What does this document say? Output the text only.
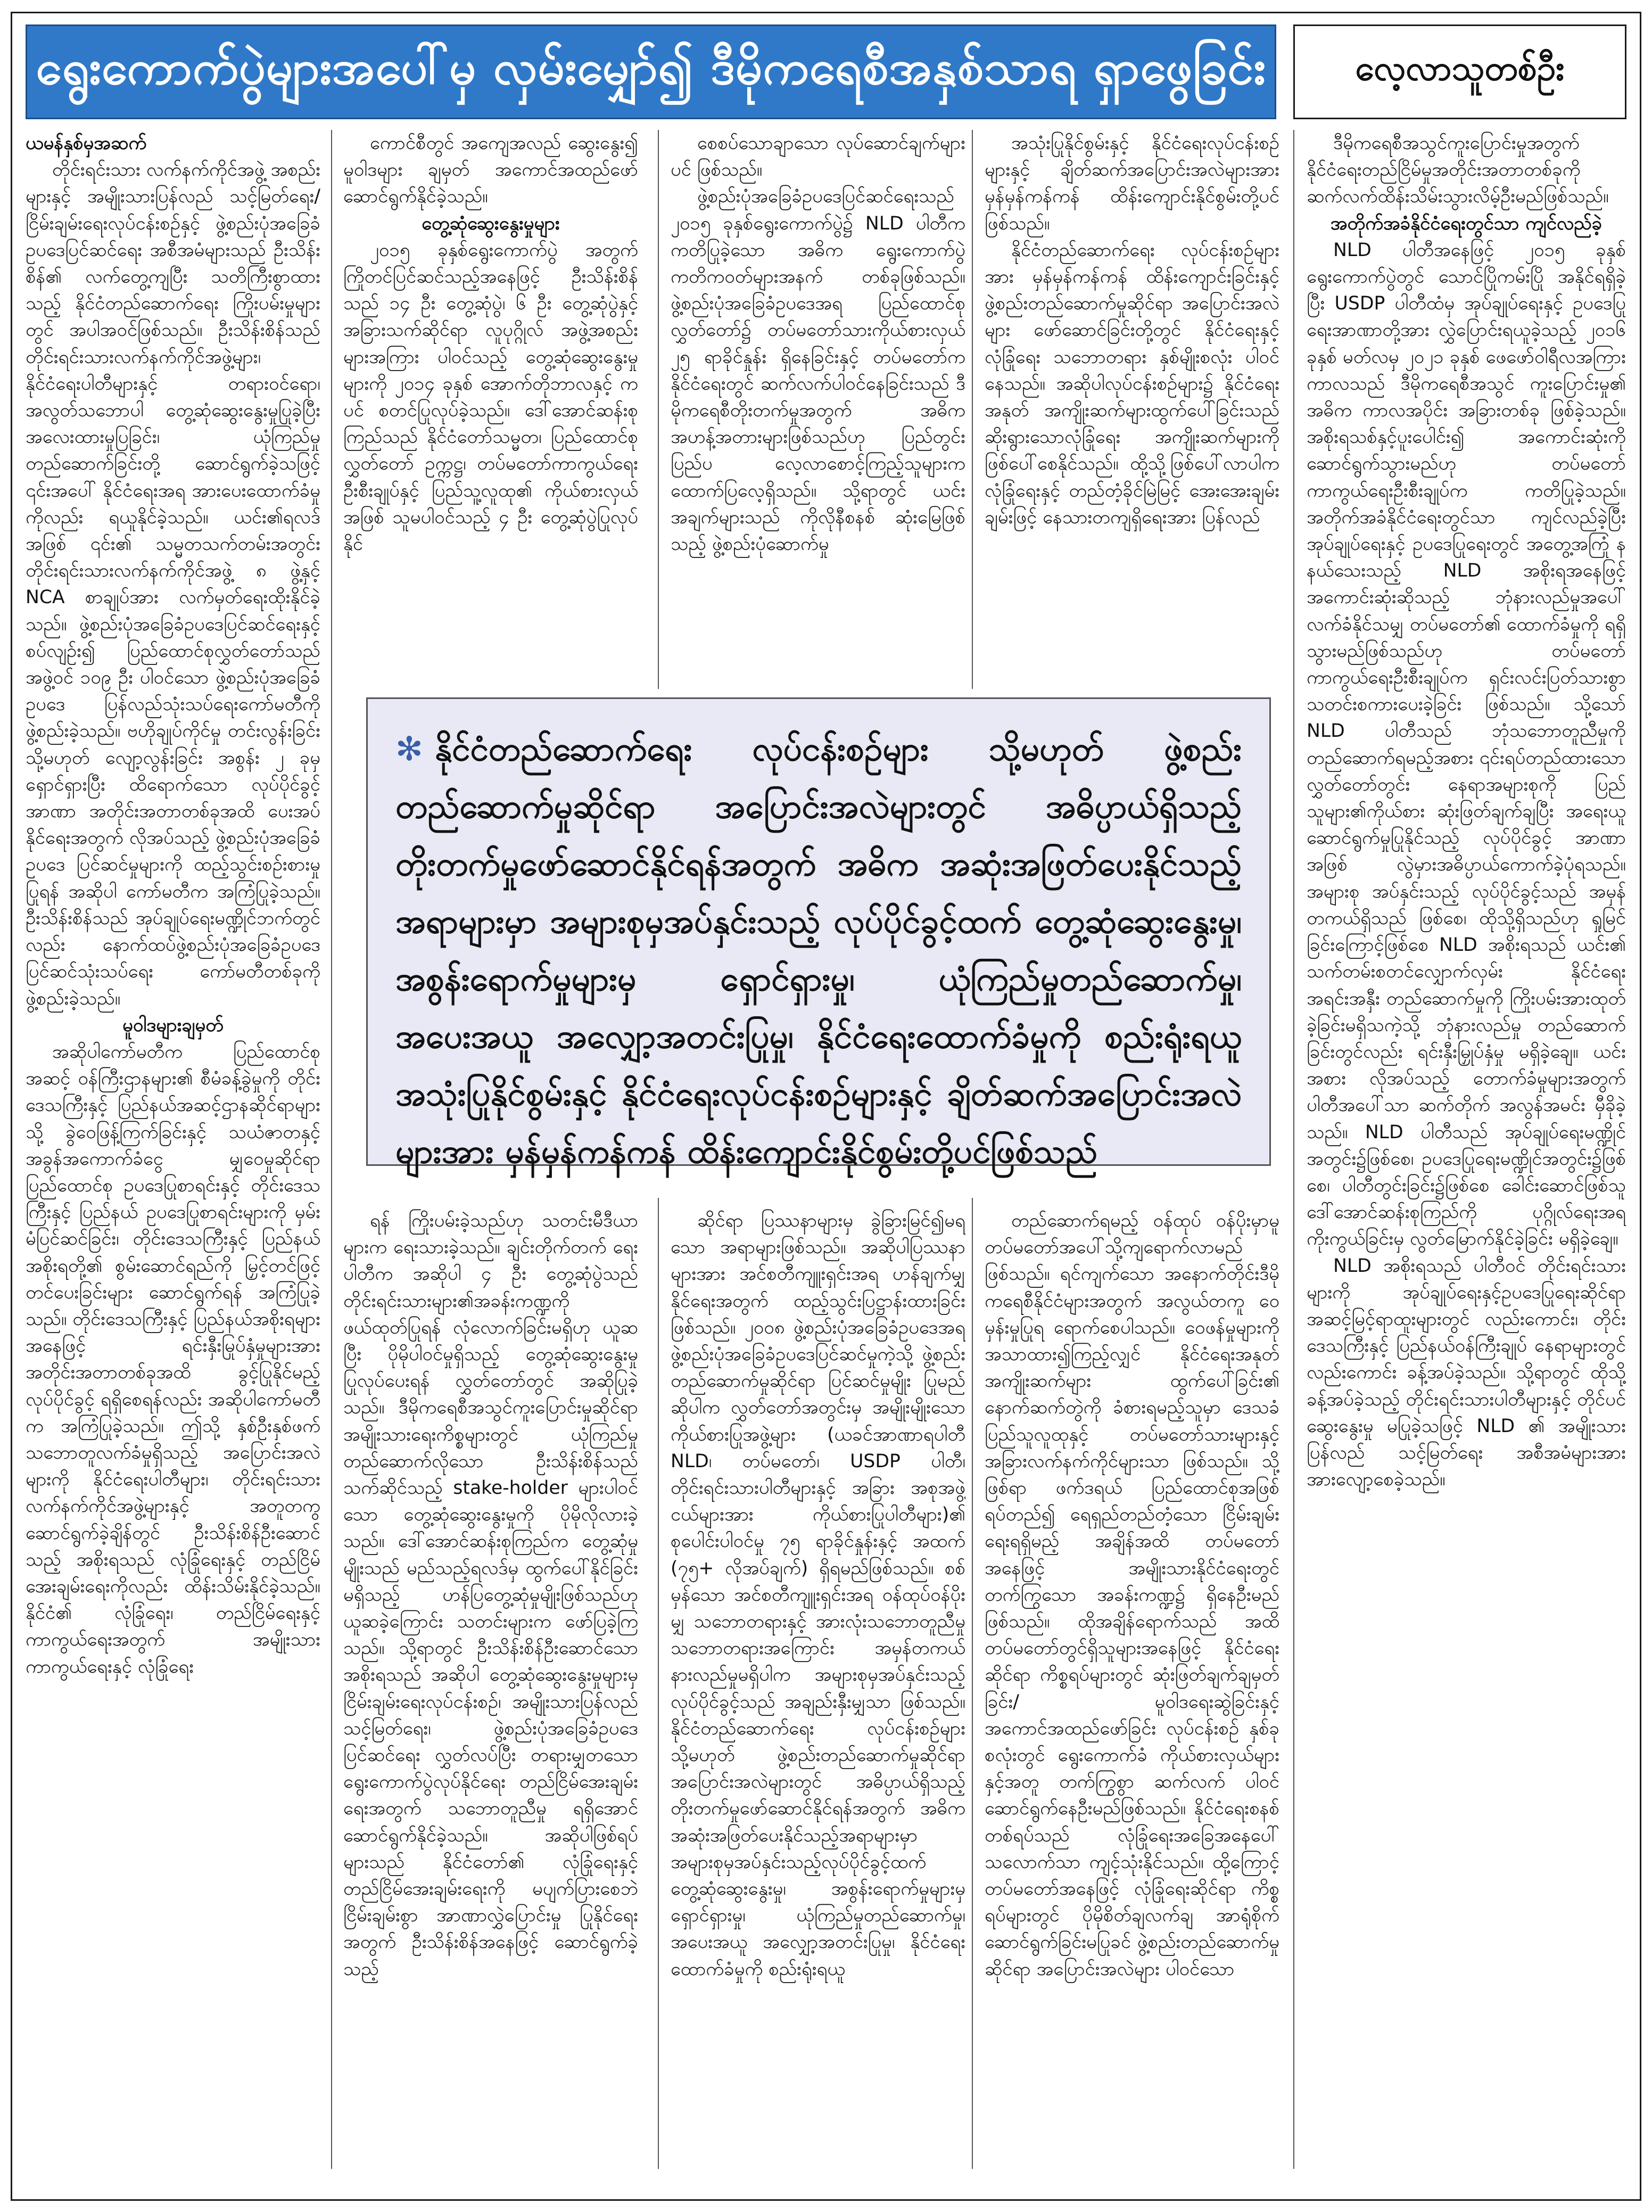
ရွေးကောက်ပွဲများအပေါ်မှ လှမ်းမျှော်၍ ဒီမိုကရေစီအနှစ်သာရ ရှာဖွေခြင်း	လေ့လာသူတစ်ဦး

ယမန်နှစ်မှအဆက်

တိုင်းရင်းသား လက်နက်ကိုင်အဖွဲ့ အစည်းများနှင့် အမျိုးသားပြန်လည် သင့်မြတ်ရေး/ ငြိမ်းချမ်းရေးလုပ်ငန်းစဉ်နှင့် ဖွဲ့စည်းပုံအခြေခံဥပဒေပြင်ဆင်ရေး အစီအမံများသည် ဦးသိန်းစိန်၏ လက်တွေ့ကျပြီး သတိကြီးစွာထားသည့် နိုင်ငံတည်ဆောက်ရေး ကြိုးပမ်းမှုများတွင် အပါအဝင်ဖြစ်သည်။ ဦးသိန်းစိန်သည် တိုင်းရင်းသားလက်နက်ကိုင်အဖွဲ့များ၊ နိုင်ငံရေးပါတီများနှင့် တရားဝင်ရော၊ အလွတ်သဘောပါ တွေ့ဆုံဆွေးနွေးမှုပြုခဲ့ပြီး အလေးထားမှုပြခြင်း၊ ယုံကြည်မှုတည်ဆောက်ခြင်းတို့ ဆောင်ရွက်ခဲ့သဖြင့် ၎င်းအပေါ် နိုင်ငံရေးအရ အားပေးထောက်ခံမှုကိုလည်း ရယူနိုင်ခဲ့သည်။ ယင်း၏ရလဒ်အဖြစ် ၎င်း၏ သမ္မတသက်တမ်းအတွင်း တိုင်းရင်းသားလက်နက်ကိုင်အဖွဲ့ ၈ ဖွဲ့နှင့် NCA စာချုပ်အား လက်မှတ်ရေးထိုးနိုင်ခဲ့သည်။ ဖွဲ့စည်းပုံအခြေခံဥပဒေပြင်ဆင်ရေးနှင့်စပ်လျဉ်း၍ ပြည်ထောင်စုလွှတ်တော်သည် အဖွဲ့ဝင် ၁၀၉ ဦး ပါဝင်သော ဖွဲ့စည်းပုံအခြေခံဥပဒေ ပြန်လည်သုံးသပ်ရေးကော်မတီကို ဖွဲ့စည်းခဲ့သည်။ ဗဟိုချုပ်ကိုင်မှု တင်းလွန်းခြင်း သို့မဟုတ် လျော့လွန်းခြင်း အစွန်း ၂ ခုမှ ရှောင်ရှားပြီး ထိရောက်သော လုပ်ပိုင်ခွင့်အာဏာ အတိုင်းအတာတစ်ခုအထိ ပေးအပ်နိုင်ရေးအတွက် လိုအပ်သည့် ဖွဲ့စည်းပုံအခြေခံဥပဒေ ပြင်ဆင်မှုများကို ထည့်သွင်းစဉ်းစားမှုပြုရန် အဆိုပါ ကော်မတီက အကြံပြုခဲ့သည်။ ဦးသိန်းစိန်သည် အုပ်ချုပ်ရေးမဏ္ဍိုင်ဘက်တွင်လည်း နောက်ထပ်ဖွဲ့စည်းပုံအခြေခံဥပဒေ ပြင်ဆင်သုံးသပ်ရေး ကော်မတီတစ်ခုကို ဖွဲ့စည်းခဲ့သည်။

မူဝါဒများချမှတ်

အဆိုပါကော်မတီက ပြည်ထောင်စု အဆင့် ဝန်ကြီးဌာနများ၏ စီမံခန့်ခွဲမှုကို တိုင်းဒေသကြီးနှင့် ပြည်နယ်အဆင့်ဌာနဆိုင်ရာများသို့ ခွဲဝေဖြန့်ကြက်ခြင်းနှင့် သယံဇာတနှင့် အခွန်အကောက်ခံငွေ မျှဝေမှုဆိုင်ရာ ပြည်ထောင်စု ဥပဒေပြုစာရင်းနှင့် တိုင်းဒေသကြီးနှင့် ပြည်နယ် ဥပဒေပြုစာရင်းများကို မှမ်းမံပြင်ဆင်ခြင်း၊ တိုင်းဒေသကြီးနှင့် ပြည်နယ်အစိုးရတို့၏ စွမ်းဆောင်ရည်ကို မြှင့်တင်ဖြင့်တင်ပေးခြင်းများ ဆောင်ရွက်ရန် အကြံပြုခဲ့သည်။ တိုင်းဒေသကြီးနှင့် ပြည်နယ်အစိုးရများအနေဖြင့် ရင်းနှီးမြုပ်နှံမှုများအား အတိုင်းအတာတစ်ခုအထိ ခွင့်ပြုနိုင်မည့် လုပ်ပိုင်ခွင့် ရရှိစေရန်လည်း အဆိုပါကော်မတီက အကြံပြုခဲ့သည်။ ဤသို့ နှစ်ဦးနှစ်ဖက်သဘောတူလက်ခံမှုရှိသည့် အပြောင်းအလဲများကို နိုင်ငံရေးပါတီများ၊ တိုင်းရင်းသား လက်နက်ကိုင်အဖွဲ့များနှင့် အတူတကွ ဆောင်ရွက်ခဲ့ချိန်တွင် ဦးသိန်းစိန်ဦးဆောင်သည့် အစိုးရသည် လုံခြုံရေးနှင့် တည်ငြိမ်အေးချမ်းရေးကိုလည်း ထိန်းသိမ်းနိုင်ခဲ့သည်။ နိုင်ငံ၏ လုံခြုံရေး၊ တည်ငြိမ်ရေးနှင့် ကာကွယ်ရေးအတွက် အမျိုးသားကာကွယ်ရေးနှင့် လုံခြုံရေး

ကောင်စီတွင် အကျေအလည် ဆွေးနွေး၍ မူဝါဒများ ချမှတ် အကောင်အထည်ဖော် ဆောင်ရွက်နိုင်ခဲ့သည်။

တွေ့ဆုံဆွေးနွေးမှုများ

၂၀၁၅ ခုနှစ်ရွေးကောက်ပွဲ အတွက်ကြိုတင်ပြင်ဆင်သည့်အနေဖြင့် ဦးသိန်းစိန်သည် ၁၄ ဦး တွေ့ဆုံပွဲ၊ ၆ ဦး တွေ့ဆုံပွဲနှင့် အခြားသက်ဆိုင်ရာ လူပုဂ္ဂိုလ် အဖွဲ့အစည်းများအကြား ပါဝင်သည့် တွေ့ဆုံဆွေးနွေးမှုများကို ၂၀၁၄ ခုနှစ် အောက်တိုဘာလနှင့် ကပင် စတင်ပြုလုပ်ခဲ့သည်။ ဒေါ်အောင်ဆန်းစုကြည်သည် နိုင်ငံတော်သမ္မတ၊ ပြည်ထောင်စုလွှတ်တော် ဥက္ကဋ္ဌ၊ တပ်မတော်ကာကွယ်ရေး ဦးစီးချုပ်နှင့် ပြည်သူ့လူထု၏ ကိုယ်စားလှယ်အဖြစ် သူမပါဝင်သည့် ၄ ဦး တွေ့ဆုံပွဲပြုလုပ်နိုင်

စေစပ်သောချာသော လုပ်ဆောင်ချက်များပင် ဖြစ်သည်။

ဖွဲ့စည်းပုံအခြေခံဥပဒေပြင်ဆင်ရေးသည် ၂၀၁၅ ခုနှစ်ရွေးကောက်ပွဲ၌ NLD ပါတီက ကတိပြုခဲ့သော အဓိက ရွေးကောက်ပွဲ ကတိကဝတ်များအနက် တစ်ခုဖြစ်သည်။ ဖွဲ့စည်းပုံအခြေခံဥပဒေအရ ပြည်ထောင်စုလွှတ်တော်၌ တပ်မတော်သားကိုယ်စားလှယ် ၂၅ ရာခိုင်နှုန်း ရှိနေခြင်းနှင့် တပ်မတော်က နိုင်ငံရေးတွင် ဆက်လက်ပါဝင်နေခြင်းသည် ဒီမိုကရေစီတိုးတက်မှုအတွက် အဓိက အဟန့်အတားများဖြစ်သည်ဟု ပြည်တွင်းပြည်ပ လေ့လာစောင့်ကြည့်သူများက ထောက်ပြလေ့ရှိသည်။ သို့ရာတွင် ယင်းအချက်များသည် ကိုလိုနီစနစ် ဆုံးမြေဖြစ်သည့် ဖွဲ့စည်းပုံဆောက်မှု

အသုံးပြုနိုင်စွမ်းနှင့် နိုင်ငံရေးလုပ်ငန်းစဉ်များနှင့် ချိတ်ဆက်အပြောင်းအလဲများအား မှန်မှန်ကန်ကန် ထိန်းကျောင်းနိုင်စွမ်းတို့ပင် ဖြစ်သည်။

နိုင်ငံတည်ဆောက်ရေး လုပ်ငန်းစဉ်များအား မှန်မှန်ကန်ကန် ထိန်းကျောင်းခြင်းနှင့် ဖွဲ့စည်းတည်ဆောက်မှုဆိုင်ရာ အပြောင်းအလဲများ ဖော်ဆောင်ခြင်းတို့တွင် နိုင်ငံရေးနှင့် လုံခြုံရေး သဘောတရား နှစ်မျိုးစလုံး ပါဝင်နေသည်။ အဆိုပါလုပ်ငန်းစဉ်များ၌ နိုင်ငံရေးအနုတ် အကျိုးဆက်များထွက်ပေါ်ခြင်းသည် ဆိုးရွားသောလုံခြုံရေး အကျိုးဆက်များကို ဖြစ်ပေါ်စေနိုင်သည်။ ထို့သို့ဖြစ်ပေါ်လာပါက လုံခြုံရေးနှင့် တည်တံ့ခိုင်မြဲမြင့် အေးအေးချမ်းချမ်းဖြင့် နေသားတကျရှိရေးအား ပြန်လည်

ဒီမိုကရေစီအသွင်ကူးပြောင်းမှုအတွက် နိုင်ငံရေးတည်ငြိမ်မှုအတိုင်းအတာတစ်ခုကို ဆက်လက်ထိန်းသိမ်းသွားလိမ့်ဦးမည်ဖြစ်သည်။

အတိုက်အခံနိုင်ငံရေးတွင်သာ ကျင်လည်ခဲ့

NLD ပါတီအနေဖြင့် ၂၀၁၅ ခုနှစ် ရွေးကောက်ပွဲတွင် သောင်ပြိုကမ်းပြို အနိုင်ရရှိခဲ့ပြီး USDP ပါတီထံမှ အုပ်ချုပ်ရေးနှင့် ဥပဒေပြုရေးအာဏာတို့အား လွှဲပြောင်းရယူခဲ့သည့် ၂၀၁၆ ခုနှစ် မတ်လမှ ၂၀၂၁ ခုနှစ် ဖေဖော်ဝါရီလအကြားကာလသည် ဒီမိုကရေစီအသွင် ကူးပြောင်းမှု၏ အဓိက ကာလအပိုင်း အခြားတစ်ခု ဖြစ်ခဲ့သည်။ အစိုးရသစ်နှင့်ပူးပေါင်း၍ အကောင်းဆုံးကို ဆောင်ရွက်သွားမည်ဟု တပ်မတော်ကာကွယ်ရေးဦးစီးချုပ်က ကတိပြုခဲ့သည်။ အတိုက်အခံနိုင်ငံရေးတွင်သာ ကျင်လည်ခဲ့ပြီး အုပ်ချုပ်ရေးနှင့် ဥပဒေပြုရေးတွင် အတွေ့အကြုံ နနယ်သေးသည့် NLD အစိုးရအနေဖြင့် အကောင်းဆုံးဆိုသည့် ဘုံနားလည်မှုအပေါ် လက်ခံနိုင်သမျှ တပ်မတော်၏ ထောက်ခံမှုကို ရရှိသွားမည်ဖြစ်သည်ဟု တပ်မတော်ကာကွယ်ရေးဦးစီးချုပ်က ရှင်းလင်းပြတ်သားစွာ သတင်းစကားပေးခဲ့ခြင်း ဖြစ်သည်။ သို့သော် NLD ပါတီသည် ဘုံသဘောတူညီမှုကို တည်ဆောက်ရမည့်အစား ၎င်းရပ်တည်ထားသော လွှတ်တော်တွင်း နေရာအများစုကို ပြည်သူများ၏ကိုယ်စား ဆုံးဖြတ်ချက်ချပြီး အရေးယူဆောင်ရွက်မှုပြုနိုင်သည့် လုပ်ပိုင်ခွင့် အာဏာအဖြစ် လွဲမှားအဓိပ္ပာယ်ကောက်ခဲ့ပုံရသည်။ အများစု အပ်နှင်းသည့် လုပ်ပိုင်ခွင့်သည် အမှန်တကယ်ရှိသည် ဖြစ်စေ၊ ထိုသို့ရှိသည်ဟု ရှုမြင်ခြင်းကြောင့်ဖြစ်စေ NLD အစိုးရသည် ယင်း၏ သက်တမ်းစတင်လျှောက်လှမ်း နိုင်ငံရေးအရင်းအနှီး တည်ဆောက်မှုကို ကြိုးပမ်းအားထုတ်ခဲ့ခြင်းမရှိသကဲ့သို့ ဘုံနားလည်မှု တည်ဆောက်ခြင်းတွင်လည်း ရင်းနှီးမြှုပ်နှံမှု မရှိခဲ့ချေ။ ယင်းအစား လိုအပ်သည့် တောက်ခံမှုများအတွက် ပါတီအပေါ်သာ ဆက်တိုက် အလွန်အမင်း မှီခိုခဲ့သည်။ NLD ပါတီသည် အုပ်ချုပ်ရေးမဏ္ဍိုင်အတွင်း၌ဖြစ်စေ၊ ဥပဒေပြုရေးမဏ္ဍိုင်အတွင်း၌ဖြစ်စေ၊ ပါတီတွင်းခြင်း၌ဖြစ်စေ ခေါင်းဆောင်ဖြစ်သူ ဒေါ်အောင်ဆန်းစုကြည်ကို ပုဂ္ဂိုလ်ရေးအရ ကိုးကွယ်ခြင်းမှ လွတ်မြောက်နိုင်ခဲ့ခြင်း မရှိခဲ့ချေ။

NLD အစိုးရသည် ပါတီဝင် တိုင်းရင်းသားများကို အုပ်ချုပ်ရေးနှင့်ဥပဒေပြုရေးဆိုင်ရာ အဆင့်မြင့်ရာထူးများတွင် လည်းကောင်း၊ တိုင်းဒေသကြီးနှင့် ပြည်နယ်ဝန်ကြီးချုပ် နေရာများတွင်လည်းကောင်း ခန့်အပ်ခဲ့သည်။ သို့ရာတွင် ထိုသို့ခန့်အပ်ခဲ့သည့် တိုင်းရင်းသားပါတီများနှင့် တိုင်ပင်ဆွေးနွေးမှု မပြုခဲ့သဖြင့် NLD ၏ အမျိုးသားပြန်လည် သင့်မြတ်ရေး အစီအမံများအား အားလျော့စေခဲ့သည်။

ရန် ကြိုးပမ်းခဲ့သည်ဟု သတင်းမီဒီယာများက ရေးသားခဲ့သည်။ ချင်းတိုက်တက် ရေးပါတီက အဆိုပါ ၄ ဦး တွေ့ဆုံပွဲသည် တိုင်းရင်းသားများ၏အခန်းကဏ္ဍကို ဖယ်ထုတ်ပြုရန် လုံလောက်ခြင်းမရှိဟု ယူဆပြီး ပိုမိုပါဝင်မှုရှိသည့် တွေ့ဆုံဆွေးနွေးမှုပြုလုပ်ပေးရန် လွှတ်တော်တွင် အဆိုပြုခဲ့သည်။ ဒီမိုကရေစီအသွင်ကူးပြောင်းမှုဆိုင်ရာ အမျိုးသားရေးကိစ္စများတွင် ယုံကြည်မှု တည်ဆောက်လိုသော ဦးသိန်းစိန်သည် သက်ဆိုင်သည့် stake-holder များပါဝင်သော တွေ့ဆုံဆွေးနွေးမှုကို ပိုမိုလိုလားခဲ့သည်။ ဒေါ်အောင်ဆန်းစုကြည်က တွေ့ဆုံမှုမျိုးသည် မည်သည့်ရလဒ်မှ ထွက်ပေါ်နိုင်ခြင်းမရှိသည့် ဟန်ပြတွေ့ဆုံမှုမျိုးဖြစ်သည်ဟု ယူဆခဲ့ကြောင်း သတင်းများက ဖော်ပြခဲ့ကြသည်။ သို့ရာတွင် ဦးသိန်းစိန်ဦးဆောင်သောအစိုးရသည် အဆိုပါ တွေ့ဆုံဆွေးနွေးမှုများမှ ငြိမ်းချမ်းရေးလုပ်ငန်းစဉ်၊ အမျိုးသားပြန်လည် သင့်မြတ်ရေး၊ ဖွဲ့စည်းပုံအခြေခံဥပဒေ ပြင်ဆင်ရေး လွှတ်လပ်ပြီး တရားမျှတသော ရွေးကောက်ပွဲလုပ်နိုင်ရေး တည်ငြိမ်အေးချမ်းရေးအတွက် သဘောတူညီမှု ရရှိအောင် ဆောင်ရွက်နိုင်ခဲ့သည်။ အဆိုပါဖြစ်ရပ်များသည် နိုင်ငံတော်၏ လုံခြုံရေးနှင့် တည်ငြိမ်အေးချမ်းရေးကို မပျက်ပြားစေဘဲ ငြိမ်းချမ်းစွာ အာဏာလွှဲပြောင်းမှု ပြုနိုင်ရေးအတွက် ဦးသိန်းစိန်အနေဖြင့် ဆောင်ရွက်ခဲ့သည့်

ဆိုင်ရာ ပြဿနာများမှ ခွဲခြားမြင်၍မရသော အရာများဖြစ်သည်။ အဆိုပါပြဿနာများအား အင်စတီကျူးရှင်းအရ ဟန်ချက်မျှနိုင်ရေးအတွက် ထည့်သွင်းပြဋ္ဌာန်းထားခြင်းဖြစ်သည်။ ၂၀၀၈ ဖွဲ့စည်းပုံအခြေခံဥပဒေအရ ဖွဲ့စည်းပုံအခြေခံဥပဒေပြင်ဆင်မှုကဲ့သို့ ဖွဲ့စည်းတည်ဆောက်မှုဆိုင်ရာ ပြင်ဆင်မှုမျိုး ပြုမည်ဆိုပါက လွှတ်တော်အတွင်းမှ အမျိုးမျိုးသော ကိုယ်စားပြုအဖွဲ့များ (ယခင်အာဏာရပါတီ NLD၊ တပ်မတော်၊ USDP ပါတီ၊ တိုင်းရင်းသားပါတီများနှင့် အခြား အစုအဖွဲ့ငယ်များအား ကိုယ်စားပြုပါတီများ)၏ စုပေါင်းပါဝင်မှု ၇၅ ရာခိုင်နှုန်းနှင့် အထက် (၇၅+ လိုအပ်ချက်) ရှိရမည်ဖြစ်သည်။ စစ်မှန်သော အင်စတီကျူးရှင်းအရ ဝန်ထုပ်ဝန်ပိုးမျှ သဘောတရားနှင့် အားလုံးသဘောတူညီမှု သဘောတရားအကြောင်း အမှန်တကယ်နားလည်မှုမရှိပါက အများစုမှအပ်နှင်းသည့် လုပ်ပိုင်ခွင့်သည် အချည်းနှီးမျှသာ ဖြစ်သည်။ နိုင်ငံတည်ဆောက်ရေး လုပ်ငန်းစဉ်များ သို့မဟုတ် ဖွဲ့စည်းတည်ဆောက်မှုဆိုင်ရာ အပြောင်းအလဲများတွင် အဓိပ္ပာယ်ရှိသည့် တိုးတက်မှုဖော်ဆောင်နိုင်ရန်အတွက် အဓိက အဆုံးအဖြတ်ပေးနိုင်သည့်အရာများမှာ အများစုမှအပ်နှင်းသည့်လုပ်ပိုင်ခွင့်ထက် တွေ့ဆုံဆွေးနွေးမှု၊ အစွန်းရောက်မှုများမှ ရှောင်ရှားမှု၊ ယုံကြည်မှုတည်ဆောက်မှု၊ အပေးအယူ အလျှော့အတင်းပြုမှု၊ နိုင်ငံရေးထောက်ခံမှုကို စည်းရုံးရယူ

တည်ဆောက်ရမည့် ဝန်ထုပ် ဝန်ပိုးမှာမူ တပ်မတော်အပေါ်သို့ကျရောက်လာမည်ဖြစ်သည်။ ရင်ကျက်သော အနောက်တိုင်းဒီမိုကရေစီနိုင်ငံများအတွက် အလွယ်တကူ ဝေမှန်းမှုပြုရ ရောက်စေပါသည်။ ဝေဖန်မှုများကို အသာထား၍ကြည့်လျှင် နိုင်ငံရေးအနုတ် အကျိုးဆက်များ ထွက်ပေါ်ခြင်း၏ နောက်ဆက်တွဲကို ခံစားရမည့်သူမှာ ဒေသခံပြည်သူလူထုနှင့် တပ်မတော်သားများနှင့် အခြားလက်နက်ကိုင်များသာ ဖြစ်သည်။ သို့ဖြစ်ရာ ဖက်ဒရယ် ပြည်ထောင်စုအဖြစ် ရပ်တည်၍ ရေရှည်တည်တံ့သော ငြိမ်းချမ်းရေးရရှိမည့် အချိန်အထိ တပ်မတော်အနေဖြင့် အမျိုးသားနိုင်ငံရေးတွင် တက်ကြွသော အခန်းကဏ္ဍ၌ ရှိနေဦးမည်ဖြစ်သည်။ ထိုအချိန်ရောက်သည် အထိ တပ်မတော်တွင်ရှိသူများအနေဖြင့် နိုင်ငံရေးဆိုင်ရာ ကိစ္စရပ်များတွင် ဆုံးဖြတ်ချက်ချမှတ်ခြင်း/ မူဝါဒရေးဆွဲခြင်းနှင့် အကောင်အထည်ဖော်ခြင်း လုပ်ငန်းစဉ် နှစ်ခုစလုံးတွင် ရွေးကောက်ခံ ကိုယ်စားလှယ်များနှင့်အတူ တက်ကြွစွာ ဆက်လက် ပါဝင်ဆောင်ရွက်နေဦးမည်ဖြစ်သည်။ နိုင်ငံရေးစနစ်တစ်ရပ်သည် လုံခြုံရေးအခြေအနေပေါ်သလောက်သာ ကျင့်သုံးနိုင်သည်။ ထို့ကြောင့် တပ်မတော်အနေဖြင့် လုံခြုံရေးဆိုင်ရာ ကိစ္စရပ်များတွင် ပိုမိုစိတ်ချလက်ချ အာရုံစိုက်ဆောင်ရွက်ခြင်းမပြုခင် ဖွဲ့စည်းတည်ဆောက်မှုဆိုင်ရာ အပြောင်းအလဲများ ပါဝင်သော

✻ နိုင်ငံတည်ဆောက်ရေး လုပ်ငန်းစဉ်များ သို့မဟုတ် ဖွဲ့စည်းတည်ဆောက်မှုဆိုင်ရာ အပြောင်းအလဲများတွင် အဓိပ္ပာယ်ရှိသည့် တိုးတက်မှုဖော်ဆောင်နိုင်ရန်အတွက် အဓိက အဆုံးအဖြတ်ပေးနိုင်သည့်အရာများမှာ အများစုမှအပ်နှင်းသည့် လုပ်ပိုင်ခွင့်ထက် တွေ့ဆုံဆွေးနွေးမှု၊ အစွန်းရောက်မှုများမှ ရှောင်ရှားမှု၊ ယုံကြည်မှုတည်ဆောက်မှု၊ အပေးအယူ အလျှော့အတင်းပြုမှု၊ နိုင်ငံရေးထောက်ခံမှုကို စည်းရုံးရယူ အသုံးပြုနိုင်စွမ်းနှင့် နိုင်ငံရေးလုပ်ငန်းစဉ်များနှင့် ချိတ်ဆက်အပြောင်းအလဲများအား မှန်မှန်ကန်ကန် ထိန်းကျောင်းနိုင်စွမ်းတို့ပင်ဖြစ်သည်
